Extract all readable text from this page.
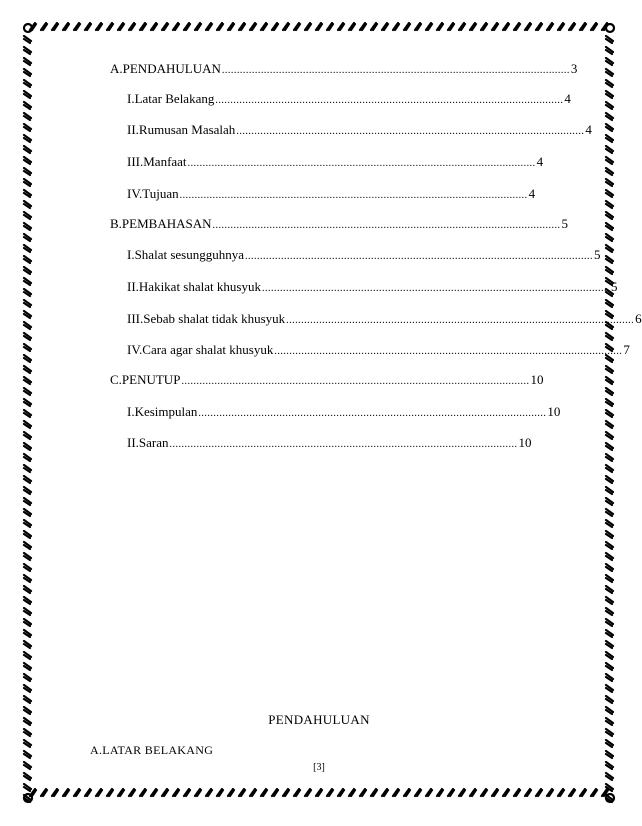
A.PENDAHULUAN .................................................................................................................... 3
I.Latar Belakang .................................................................................................................... 4
II.Rumusan Masalah .................................................................................................................... 4
III.Manfaat .................................................................................................................... 4
IV.Tujuan .................................................................................................................... 4
B.PEMBAHASAN .................................................................................................................... 5
I.Shalat sesungguhnya .................................................................................................................... 5
II.Hakikat shalat khusyuk .................................................................................................................... 5
III.Sebab shalat tidak khusyuk .................................................................................................................... 6
IV.Cara agar shalat khusyuk .................................................................................................................... 7
C.PENUTUP .................................................................................................................... 10
I.Kesimpulan .................................................................................................................... 10
II.Saran .................................................................................................................... 10
PENDAHULUAN
A.LATAR BELAKANG
[3]
